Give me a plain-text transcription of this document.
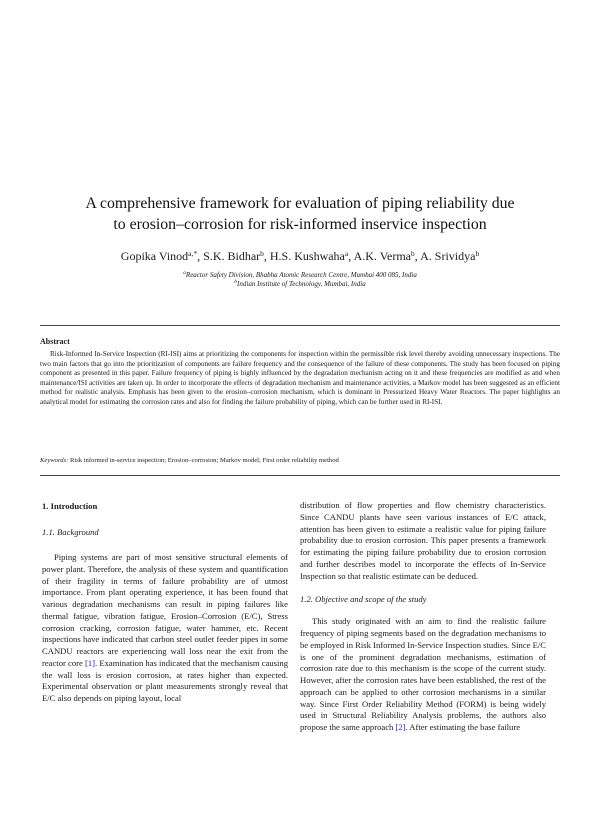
A comprehensive framework for evaluation of piping reliability due
to erosion–corrosion for risk-informed inservice inspection
Gopika Vinod$^{a,*}$, S.K. Bidhar$^b$, H.S. Kushwaha$^a$, A.K. Verma$^b$, A. Srividya$^b$
$^a$Reactor Safety Division, Bhabha Atomic Research Centre, Mumbai 400 085, India
$^b$Indian Institute of Technology, Mumbai, India
Abstract

Risk-Informed In-Service Inspection (RI-ISI) aims at prioritizing the components for inspection within the permissible risk level thereby avoiding unnecessary inspections. The two main factors that go into the prioritization of components are failure frequency and the consequence of the failure of these components. The study has been focused on piping component as presented in this paper. Failure frequency of piping is highly influenced by the degradation mechanism acting on it and these frequencies are modified as and when maintenance/ISI activities are taken up. In order to incorporate the effects of degradation mechanism and maintenance activities, a Markov model has been suggested as an efficient method for realistic analysis. Emphasis has been given to the erosion–corrosion mechanism, which is dominant in Pressurized Heavy Water Reactors. The paper highlights an analytical model for estimating the corrosion rates and also for finding the failure probability of piping, which can be further used in RI-ISI.

Keywords: Risk informed in-service inspection; Erosion–corrosion; Markov model; First order reliability method

1. Introduction

1.1. Background

Piping systems are part of most sensitive structural elements of power plant. Therefore, the analysis of these system and quantification of their fragility in terms of failure probability are of utmost importance. From plant operating experience, it has been found that various degradation mechanisms can result in piping failures like thermal fatigue, vibration fatigue, Erosion–Corrosion (E/C), Stress corrosion cracking, corrosion fatigue, water hammer, etc. Recent inspections have indicated that carbon steel outlet feeder pipes in some CANDU reactors are experiencing wall loss near the exit from the reactor core [1]. Examination has indicated that the mechanism causing the wall loss is erosion corrosion, at rates higher than expected. Experimental observation or plant measurements strongly reveal that E/C also depends on piping layout, local

distribution of flow properties and flow chemistry characteristics. Since CANDU plants have seen various instances of E/C attack, attention has been given to estimate a realistic value for piping failure probability due to erosion corrosion. This paper presents a framework for estimating the piping failure probability due to erosion corrosion and further describes model to incorporate the effects of In-Service Inspection so that realistic estimate can be deduced.

1.2. Objective and scope of the study

This study originated with an aim to find the realistic failure frequency of piping segments based on the degradation mechanisms to be employed in Risk Informed In-Service Inspection studies. Since E/C is one of the prominent degradation mechanisms, estimation of corrosion rate due to this mechanism is the scope of the current study. However, after the corrosion rates have been established, the rest of the approach can be applied to other corrosion mechanisms in a similar way. Since First Order Reliability Method (FORM) is being widely used in Structural Reliability Analysis problems, the authors also propose the same approach [2]. After estimating the base failure
